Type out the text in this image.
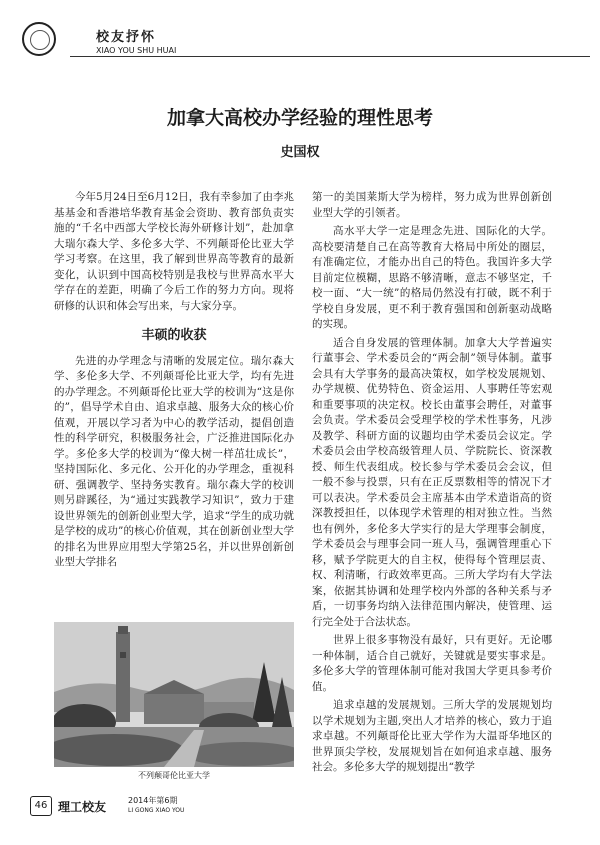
校友抒怀
XIAO YOU SHU HUAI
加拿大高校办学经验的理性思考
史国权

今年5月24日至6月12日，我有幸参加了由李兆基基金和香港培华教育基金会资助、教育部负责实施的“千名中西部大学校长海外研修计划”，赴加拿大瑞尔森大学、多伦多大学、不列颠哥伦比亚大学学习考察。在这里，我了解到世界高等教育的最新变化，认识到中国高校特别是我校与世界高水平大学存在的差距，明确了今后工作的努力方向。现将研修的认识和体会写出来，与大家分享。

丰硕的收获

先进的办学理念与清晰的发展定位。瑞尔森大学、多伦多大学、不列颠哥伦比亚大学，均有先进的办学理念。不列颠哥伦比亚大学的校训为“这是你的”，倡导学术自由、追求卓越、服务大众的核心价值观，开展以学习者为中心的教学活动，提倡创造性的科学研究，积极服务社会，广泛推进国际化办学。多伦多大学的校训为“像大树一样茁壮成长”，坚持国际化、多元化、公开化的办学理念，重视科研、强调教学、坚持务实教育。瑞尔森大学的校训则另辟蹊径，为“通过实践教学习知识”，致力于建设世界领先的创新创业型大学，追求“学生的成功就是学校的成功”的核心价值观，其在创新创业型大学的排名为世界应用型大学第25名，并以世界创新创业型大学排名

第一的美国莱斯大学为榜样，努力成为世界创新创业型大学的引领者。

高水平大学一定是理念先进、国际化的大学。高校要清楚自己在高等教育大格局中所处的圈层，有准确定位，才能办出自己的特色。我国许多大学目前定位模糊，思路不够清晰，意志不够坚定，千校一面、“大一统”的格局仍然没有打破，既不利于学校自身发展，更不利于教育强国和创新驱动战略的实现。

适合自身发展的管理体制。加拿大大学普遍实行董事会、学术委员会的“两会制”领导体制。董事会具有大学事务的最高决策权，如学校发展规划、办学规模、优势特色、资金运用、人事聘任等宏观和重要事项的决定权。校长由董事会聘任，对董事会负责。学术委员会受理学校的学术性事务，凡涉及教学、科研方面的议题均由学术委员会议定。学术委员会由学校高级管理人员、学院院长、资深教授、师生代表组成。校长参与学术委员会会议，但一般不参与投票，只有在正反票数相等的情况下才可以表决。学术委员会主席基本由学术造诣高的资深教授担任，以体现学术管理的相对独立性。当然也有例外，多伦多大学实行的是大学理事会制度，学术委员会与理事会同一班人马，强调管理重心下移，赋予学院更大的自主权，使得每个管理层责、权、利清晰，行政效率更高。三所大学均有大学法案，依据其协调和处理学校内外部的各种关系与矛盾，一切事务均纳入法律范围内解决，使管理、运行完全处于合法状态。

世界上很多事物没有最好，只有更好。无论哪一种体制，适合自己就好，关键就是要实事求是。多伦多大学的管理体制可能对我国大学更具参考价值。

追求卓越的发展规划。三所大学的发展规划均以学术规划为主题,突出人才培养的核心，致力于追求卓越。不列颠哥伦比亚大学作为大温哥华地区的世界顶尖学校，发展规划旨在如何追求卓越、服务社会。多伦多大学的规划提出“教学

不列颠哥伦比亚大学
46 理工校友	2014年第6期
LI GONG XIAO YOU
